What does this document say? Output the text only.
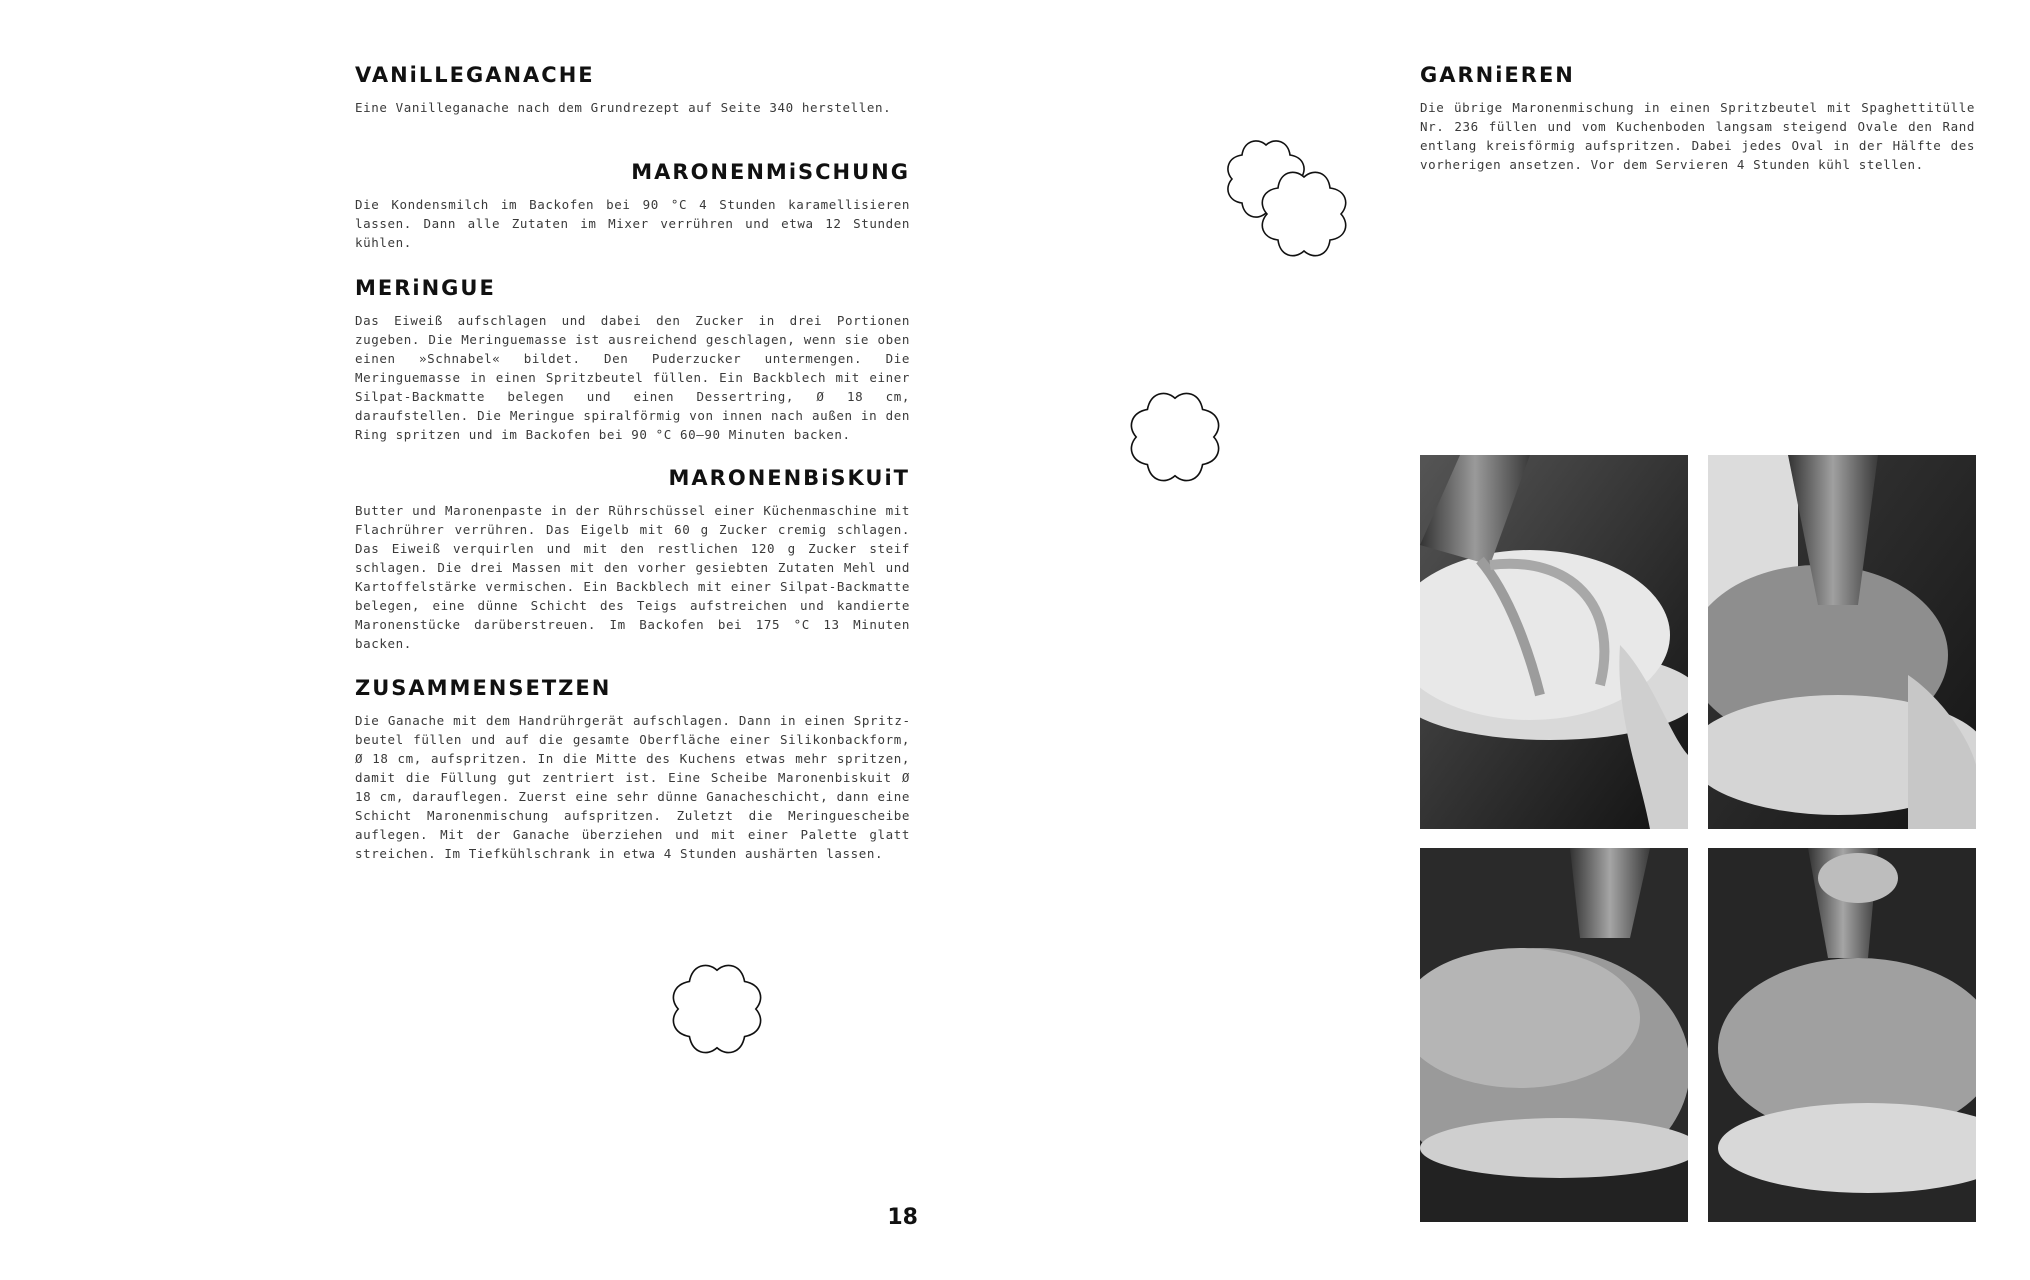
VANiLLEGANACHE

Eine Vanilleganache nach dem Grundrezept auf Seite 340 herstellen.

MARONENMiSCHUNG

Die Kondensmilch im Backofen bei 90 °C 4 Stunden karamellisieren lassen. Dann alle Zutaten im Mixer verrühren und etwa 12 Stunden kühlen.

MERiNGUE

Das Eiweiß aufschlagen und dabei den Zucker in drei Portionen zugeben. Die Meringuemasse ist ausreichend geschlagen, wenn sie oben einen »Schnabel« bildet. Den Puderzucker untermengen. Die Meringuemasse in einen Spritzbeutel füllen. Ein Backblech mit einer Silpat-Backmatte belegen und einen Dessertring, Ø 18 cm, daraufstellen. Die Meringue spiralförmig von innen nach außen in den Ring spritzen und im Backofen bei 90 °C 60–90 Minuten backen.

MARONENBiSKUiT

Butter und Maronenpaste in der Rührschüssel einer Küchenmaschine mit Flachrührer verrühren. Das Eigelb mit 60 g Zucker cremig schlagen. Das Eiweiß verquirlen und mit den restlichen 120 g Zucker steif schlagen. Die drei Massen mit den vorher gesiebten Zutaten Mehl und Kartoffelstärke vermischen. Ein Backblech mit einer Silpat-Backmatte belegen, eine dünne Schicht des Teigs aufstreichen und kandierte Maronenstücke darüberstreuen. Im Backofen bei 175 °C 13 Minuten backen.

ZUSAMMENSETZEN

Die Ganache mit dem Handrührgerät aufschlagen. Dann in einen Spritzbeutel füllen und auf die gesamte Oberfläche einer Silikonbackform, Ø 18 cm, aufspritzen. In die Mitte des Kuchens etwas mehr spritzen, damit die Füllung gut zentriert ist. Eine Scheibe Maronenbiskuit Ø 18 cm, darauflegen. Zuerst eine sehr dünne Ganacheschicht, dann eine Schicht Maronenmischung aufspritzen. Zuletzt die Meringuescheibe auflegen. Mit der Ganache überziehen und mit einer Palette glatt streichen. Im Tiefkühlschrank in etwa 4 Stunden aushärten lassen.

18
GARNiEREN

Die übrige Maronenmischung in einen Spritzbeutel mit Spaghettitülle Nr. 236 füllen und vom Kuchenboden langsam steigend Ovale den Rand entlang kreisförmig aufspritzen. Dabei jedes Oval in der Hälfte des vorherigen ansetzen. Vor dem Servieren 4 Stunden kühl stellen.
